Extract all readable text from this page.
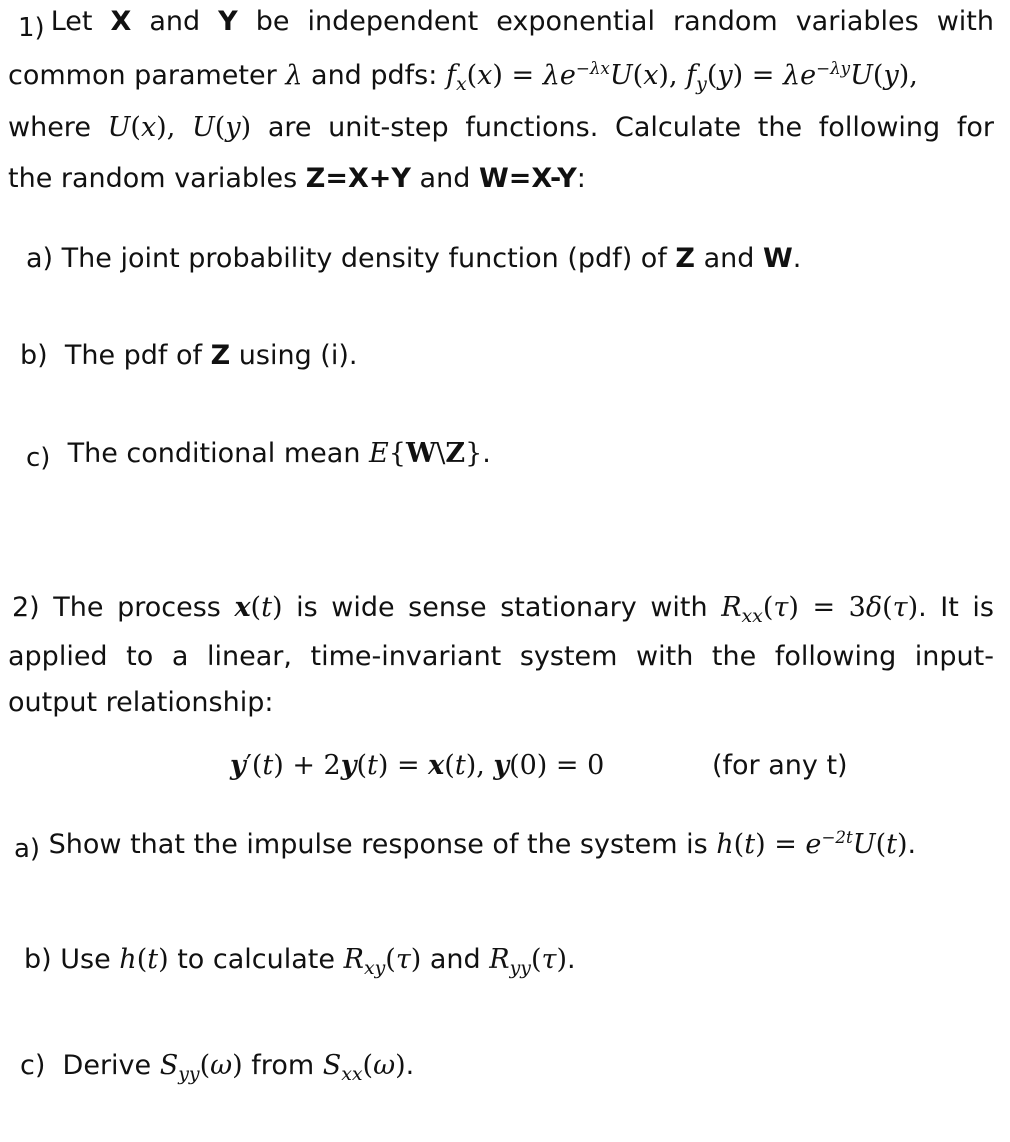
1) Let X and Y be independent exponential random variables with
common parameter λ and pdfs: $f_x(x) = \lambda e^{-\lambda x}U(x)$, $f_y(y) = \lambda e^{-\lambda y}U(y)$,
where U(x), U(y) are unit-step functions. Calculate the following for
the random variables Z=X+Y and W=X-Y:
a) The joint probability density function (pdf) of Z and W.
b)  The pdf of Z using (i).
c)  The conditional mean E{W\Z}.
2) The process x(t) is wide sense stationary with $R_{xx}(\tau) = 3\delta(\tau)$. It is
applied to a linear, time-invariant system with the following input-
output relationship:
y′(t) + 2y(t) = x(t), y(0) = 0	(for any t)
a) Show that the impulse response of the system is $h(t) = e^{-2t}U(t)$.
b) Use h(t) to calculate $R_{xy}(\tau)$ and $R_{yy}(\tau)$.
c)  Derive $S_{yy}(\omega)$ from $S_{xx}(\omega)$.
